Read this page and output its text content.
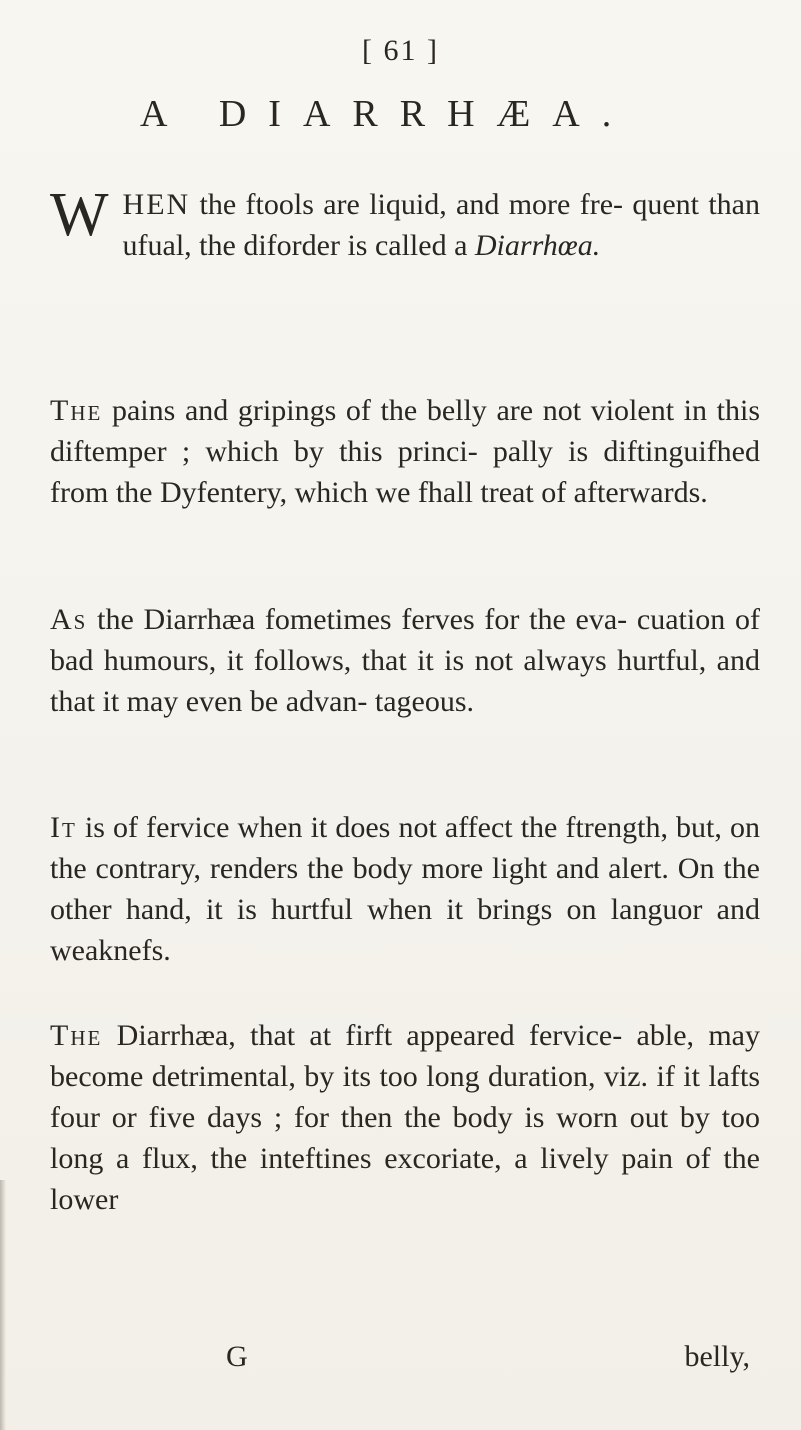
[ 61 ]
A DIARRHÆA.
WHEN the ftools are liquid, and more fre- quent than ufual, the diforder is called a Diarrhœa.
The pains and gripings of the belly are not violent in this diftemper ; which by this princi- pally is diftinguifhed from the Dyfentery, which we fhall treat of afterwards.
As the Diarrhæa fometimes ferves for the eva- cuation of bad humours, it follows, that it is not always hurtful, and that it may even be advan- tageous.
It is of fervice when it does not affect the ftrength, but, on the contrary, renders the body more light and alert. On the other hand, it is hurtful when it brings on languor and weaknefs.
The Diarrhæa, that at firft appeared fervice- able, may become detrimental, by its too long duration, viz. if it lafts four or five days ; for then the body is worn out by too long a flux, the inteftines excoriate, a lively pain of the lower
G	belly,
